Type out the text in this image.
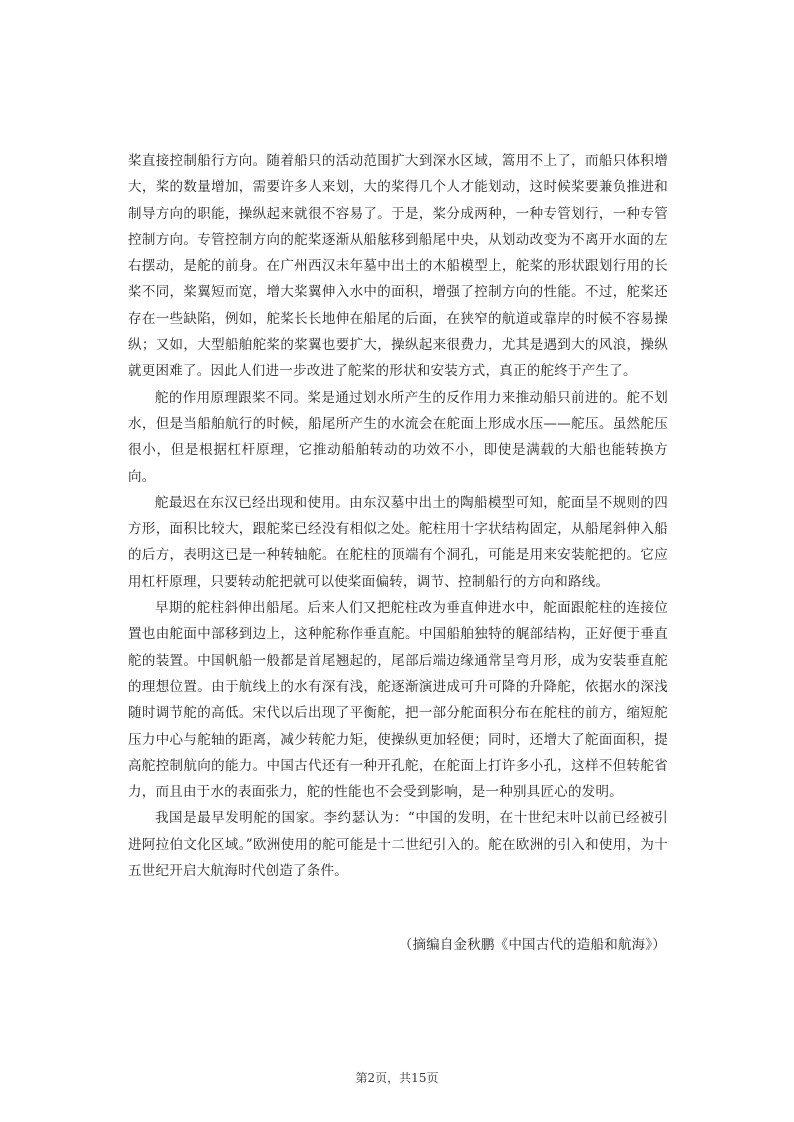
桨直接控制船行方向。随着船只的活动范围扩大到深水区域，篙用不上了，而船只体积增大，桨的数量增加，需要许多人来划，大的桨得几个人才能划动，这时候桨要兼负推进和制导方向的职能，操纵起来就很不容易了。于是，桨分成两种，一种专管划行，一种专管控制方向。专管控制方向的舵桨逐渐从船舷移到船尾中央，从划动改变为不离开水面的左右摆动，是舵的前身。在广州西汉末年墓中出土的木船模型上，舵桨的形状跟划行用的长桨不同，桨翼短而宽，增大桨翼伸入水中的面积，增强了控制方向的性能。不过，舵桨还存在一些缺陷，例如，舵桨长长地伸在船尾的后面，在狭窄的航道或靠岸的时候不容易操纵；又如，大型船舶舵桨的桨翼也要扩大，操纵起来很费力，尤其是遇到大的风浪，操纵就更困难了。因此人们进一步改进了舵桨的形状和安装方式，真正的舵终于产生了。

舵的作用原理跟桨不同。桨是通过划水所产生的反作用力来推动船只前进的。舵不划水，但是当船舶航行的时候，船尾所产生的水流会在舵面上形成水压——舵压。虽然舵压很小，但是根据杠杆原理，它推动船舶转动的功效不小，即使是满载的大船也能转换方向。

舵最迟在东汉已经出现和使用。由东汉墓中出土的陶船模型可知，舵面呈不规则的四方形，面积比较大，跟舵桨已经没有相似之处。舵柱用十字状结构固定，从船尾斜伸入船的后方，表明这已是一种转轴舵。在舵柱的顶端有个洞孔，可能是用来安装舵把的。它应用杠杆原理，只要转动舵把就可以使桨面偏转，调节、控制船行的方向和路线。

早期的舵柱斜伸出船尾。后来人们又把舵柱改为垂直伸进水中，舵面跟舵柱的连接位置也由舵面中部移到边上，这种舵称作垂直舵。中国船舶独特的艉部结构，正好便于垂直舵的装置。中国帆船一般都是首尾翘起的，尾部后端边缘通常呈弯月形，成为安装垂直舵的理想位置。由于航线上的水有深有浅，舵逐渐演进成可升可降的升降舵，依据水的深浅随时调节舵的高低。宋代以后出现了平衡舵，把一部分舵面积分布在舵柱的前方，缩短舵压力中心与舵轴的距离，减少转舵力矩，使操纵更加轻便；同时，还增大了舵面面积，提高舵控制航向的能力。中国古代还有一种开孔舵，在舵面上打许多小孔，这样不但转舵省力，而且由于水的表面张力，舵的性能也不会受到影响，是一种别具匠心的发明。

我国是最早发明舵的国家。李约瑟认为：“中国的发明，在十世纪末叶以前已经被引进阿拉伯文化区域。”欧洲使用的舵可能是十二世纪引入的。舵在欧洲的引入和使用，为十五世纪开启大航海时代创造了条件。

（摘编自金秋鹏《中国古代的造船和航海》）
第2页，共15页
